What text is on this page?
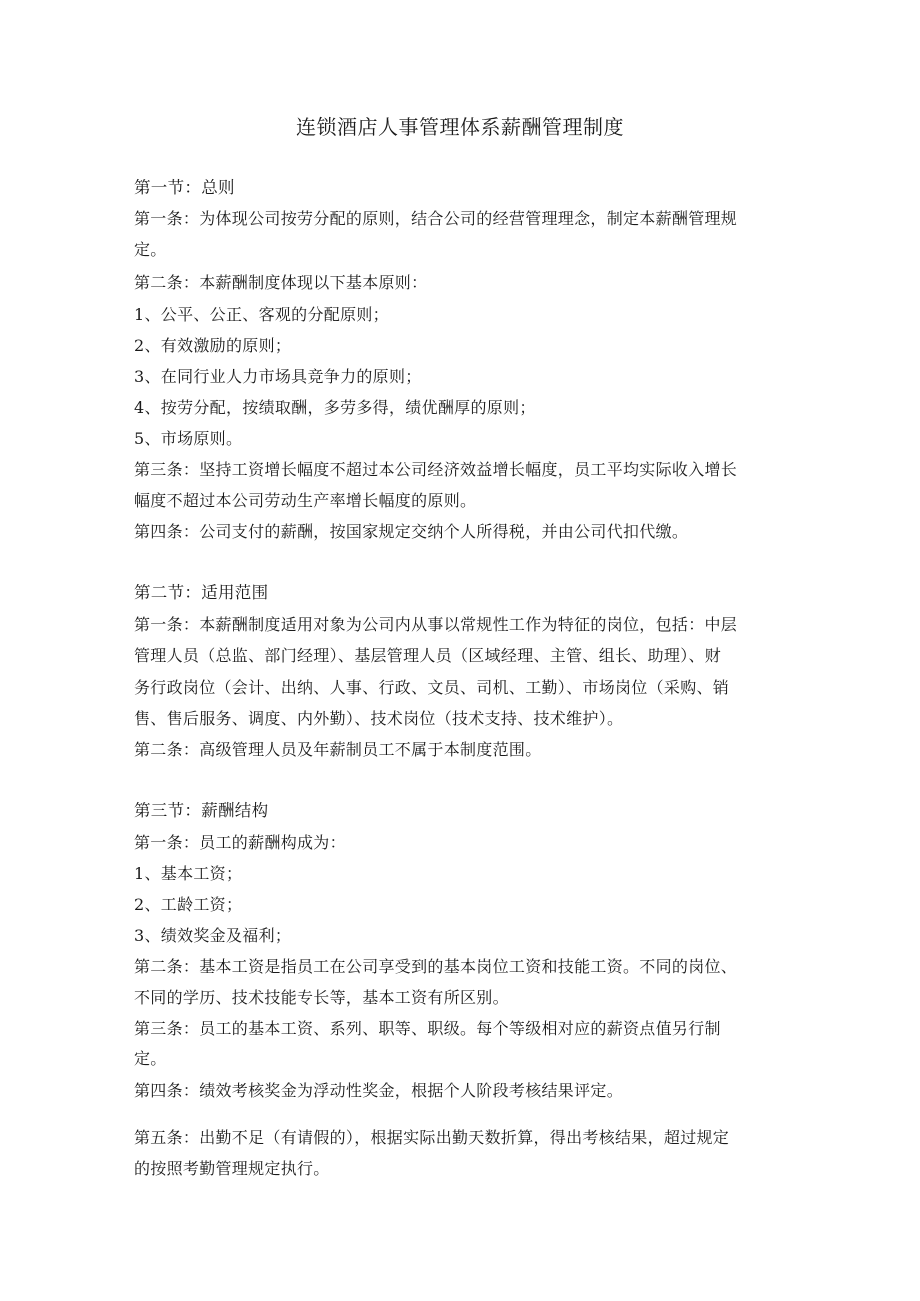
连锁酒店人事管理体系薪酬管理制度
第一节：总则
第一条：为体现公司按劳分配的原则，结合公司的经营管理理念，制定本薪酬管理规
定。
第二条：本薪酬制度体现以下基本原则：
1、公平、公正、客观的分配原则；
2、有效激励的原则；
3、在同行业人力市场具竞争力的原则；
4、按劳分配，按绩取酬，多劳多得，绩优酬厚的原则；
5、市场原则。
第三条：坚持工资增长幅度不超过本公司经济效益增长幅度，员工平均实际收入增长
幅度不超过本公司劳动生产率增长幅度的原则。
第四条：公司支付的薪酬，按国家规定交纳个人所得税，并由公司代扣代缴。
第二节：适用范围
第一条：本薪酬制度适用对象为公司内从事以常规性工作为特征的岗位，包括：中层
管理人员（总监、部门经理）、基层管理人员（区域经理、主管、组长、助理）、财
务行政岗位（会计、出纳、人事、行政、文员、司机、工勤）、市场岗位（采购、销
售、售后服务、调度、内外勤）、技术岗位（技术支持、技术维护）。
第二条：高级管理人员及年薪制员工不属于本制度范围。
第三节：薪酬结构
第一条：员工的薪酬构成为：
1、基本工资；
2、工龄工资；
3、绩效奖金及福利；
第二条：基本工资是指员工在公司享受到的基本岗位工资和技能工资。不同的岗位、
不同的学历、技术技能专长等，基本工资有所区别。
第三条：员工的基本工资、系列、职等、职级。每个等级相对应的薪资点值另行制
定。
第四条：绩效考核奖金为浮动性奖金，根据个人阶段考核结果评定。
第五条：出勤不足（有请假的），根据实际出勤天数折算，得出考核结果，超过规定
的按照考勤管理规定执行。
